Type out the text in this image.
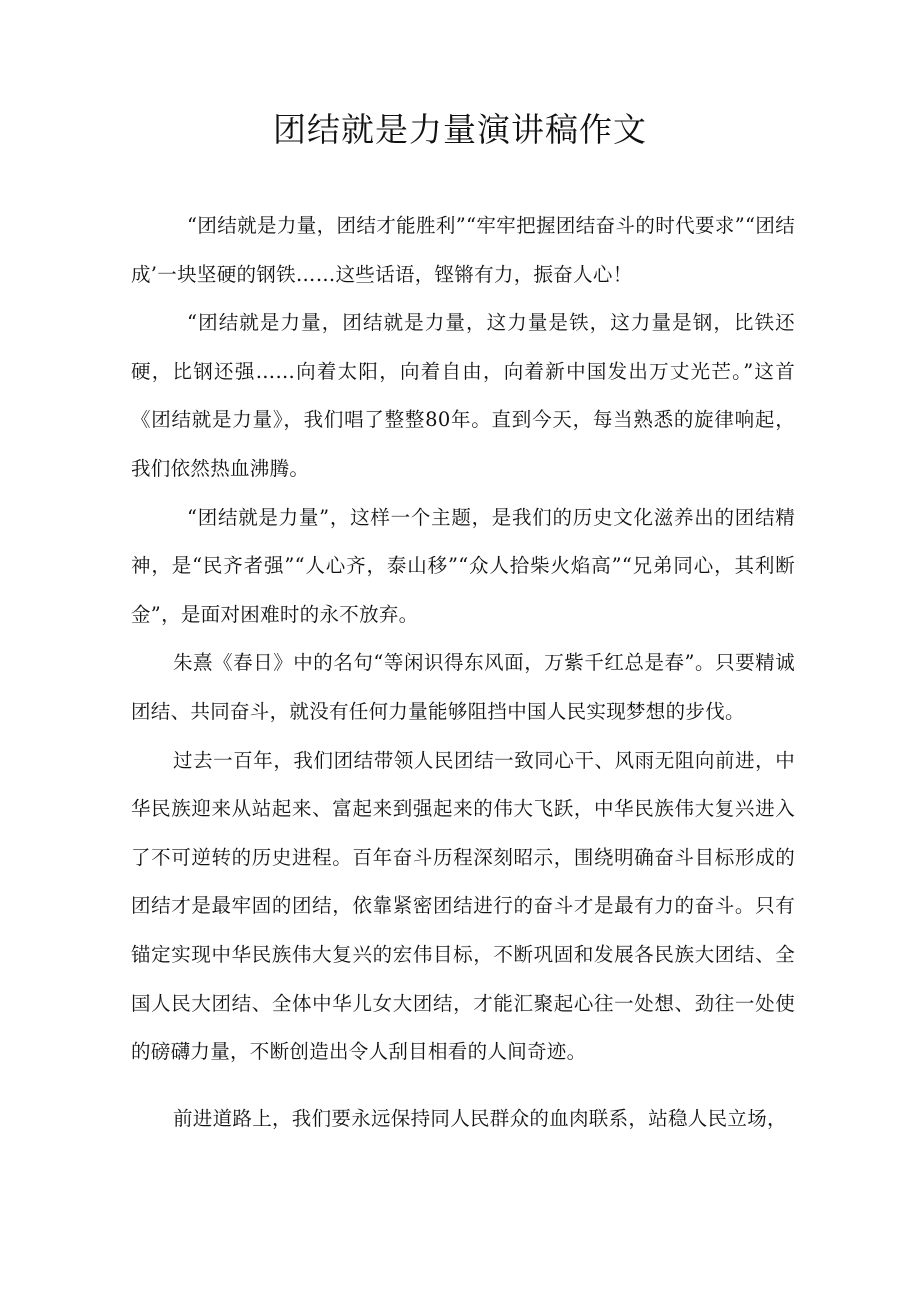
团结就是力量演讲稿作文

“团结就是力量，团结才能胜利”“牢牢把握团结奋斗的时代要求”“团结成’一块坚硬的钢铁……这些话语，铿锵有力，振奋人心！

“团结就是力量，团结就是力量，这力量是铁，这力量是钢，比铁还硬，比钢还强……向着太阳，向着自由，向着新中国发出万丈光芒。”这首《团结就是力量》，我们唱了整整80年。直到今天，每当熟悉的旋律响起，我们依然热血沸腾。

“团结就是力量”，这样一个主题，是我们的历史文化滋养出的团结精神，是“民齐者强”“人心齐，泰山移”“众人拾柴火焰高”“兄弟同心，其利断金”，是面对困难时的永不放弃。

朱熹《春日》中的名句“等闲识得东风面，万紫千红总是春”。只要精诚团结、共同奋斗，就没有任何力量能够阻挡中国人民实现梦想的步伐。

过去一百年，我们团结带领人民团结一致同心干、风雨无阻向前进，中华民族迎来从站起来、富起来到强起来的伟大飞跃，中华民族伟大复兴进入了不可逆转的历史进程。百年奋斗历程深刻昭示，围绕明确奋斗目标形成的团结才是最牢固的团结，依靠紧密团结进行的奋斗才是最有力的奋斗。只有锚定实现中华民族伟大复兴的宏伟目标，不断巩固和发展各民族大团结、全国人民大团结、全体中华儿女大团结，才能汇聚起心往一处想、劲往一处使的磅礴力量，不断创造出令人刮目相看的人间奇迹。

前进道路上，我们要永远保持同人民群众的血肉联系，站稳人民立场，
